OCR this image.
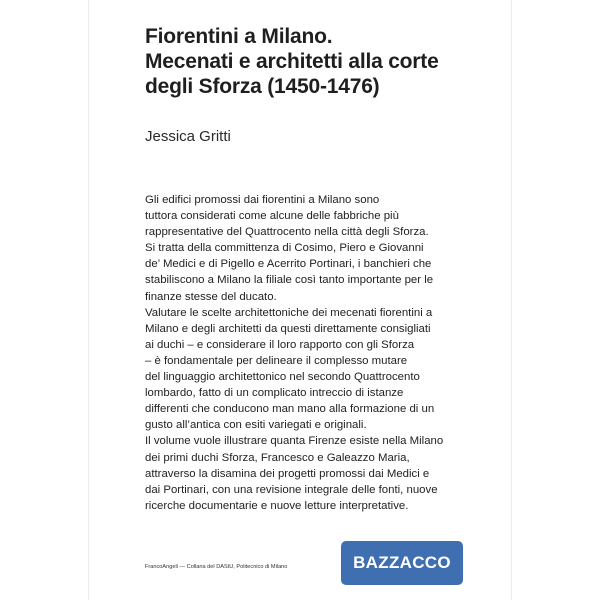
Fiorentini a Milano.
Mecenati e architetti alla corte
degli Sforza (1450-1476)

Jessica Gritti

Gli edifici promossi dai fiorentini a Milano sono
tuttora considerati come alcune delle fabbriche più
rappresentative del Quattrocento nella città degli Sforza.
Si tratta della committenza di Cosimo, Piero e Giovanni
de’ Medici e di Pigello e Acerrito Portinari, i banchieri che
stabiliscono a Milano la filiale così tanto importante per le
finanze stesse del ducato.
Valutare le scelte architettoniche dei mecenati fiorentini a
Milano e degli architetti da questi direttamente consigliati
ai duchi – e considerare il loro rapporto con gli Sforza
– è fondamentale per delineare il complesso mutare
del linguaggio architettonico nel secondo Quattrocento
lombardo, fatto di un complicato intreccio di istanze
differenti che conducono man mano alla formazione di un
gusto all’antica con esiti variegati e originali.
Il volume vuole illustrare quanta Firenze esiste nella Milano
dei primi duchi Sforza, Francesco e Galeazzo Maria,
attraverso la disamina dei progetti promossi dai Medici e
dai Portinari, con una revisione integrale delle fonti, nuove
ricerche documentarie e nuove letture interpretative.
FrancoAngeli — Collana del DAStU, Politecnico di Milano	BAZZACCO
